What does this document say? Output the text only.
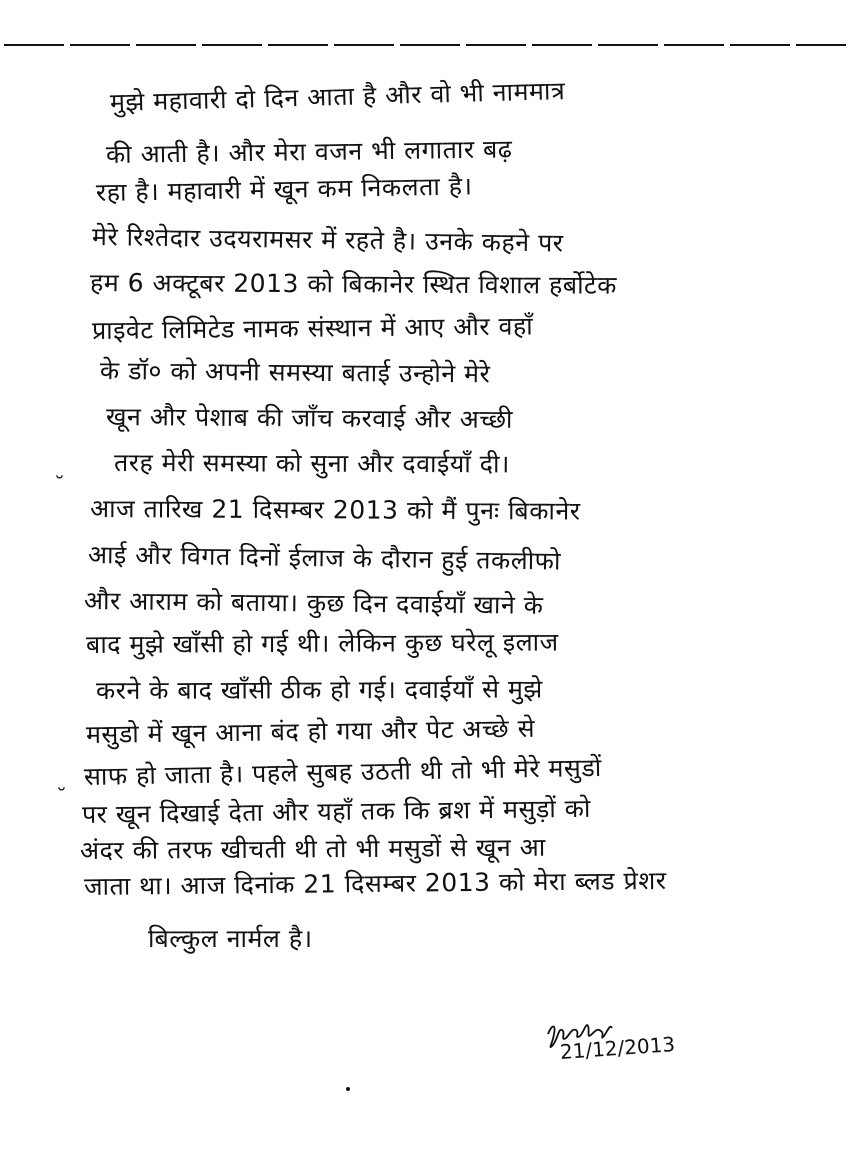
मुझे महावारी दो दिन आता है और वो भी नाममात्र
की आती है। और मेरा वजन भी लगातार बढ़
रहा है। महावारी में खून कम निकलता है।
मेरे रिश्तेदार उदयरामसर में रहते है। उनके कहने पर
हम 6 अक्टूबर 2013 को बिकानेर स्थित विशाल हर्बोटेक
प्राइवेट लिमिटेड नामक संस्थान में आए और वहाँ
के डॉ० को अपनी समस्या बताई उन्होने मेरे
खून और पेशाब की जाँच करवाई और अच्छी
तरह मेरी समस्या को सुना और दवाईयाँ दी।
आज तारिख 21 दिसम्बर 2013 को मैं पुनः बिकानेर
आई और विगत दिनों ईलाज के दौरान हुई तकलीफो
और आराम को बताया। कुछ दिन दवाईयाँ खाने के
बाद मुझे खाँसी हो गई थी। लेकिन कुछ घरेलू इलाज
करने के बाद खाँसी ठीक हो गई। दवाईयाँ से मुझे
मसुडो में खून आना बंद हो गया और पेट अच्छे से
साफ हो जाता है। पहले सुबह उठती थी तो भी मेरे मसुडों
पर खून दिखाई देता और यहाँ तक कि ब्रश में मसुड़ों को
अंदर की तरफ खीचती थी तो भी मसुडों से खून आ
जाता था। आज दिनांक 21 दिसम्बर 2013 को मेरा ब्लड प्रेशर
बिल्कुल नार्मल है।
˘
˘
21/12/2013
